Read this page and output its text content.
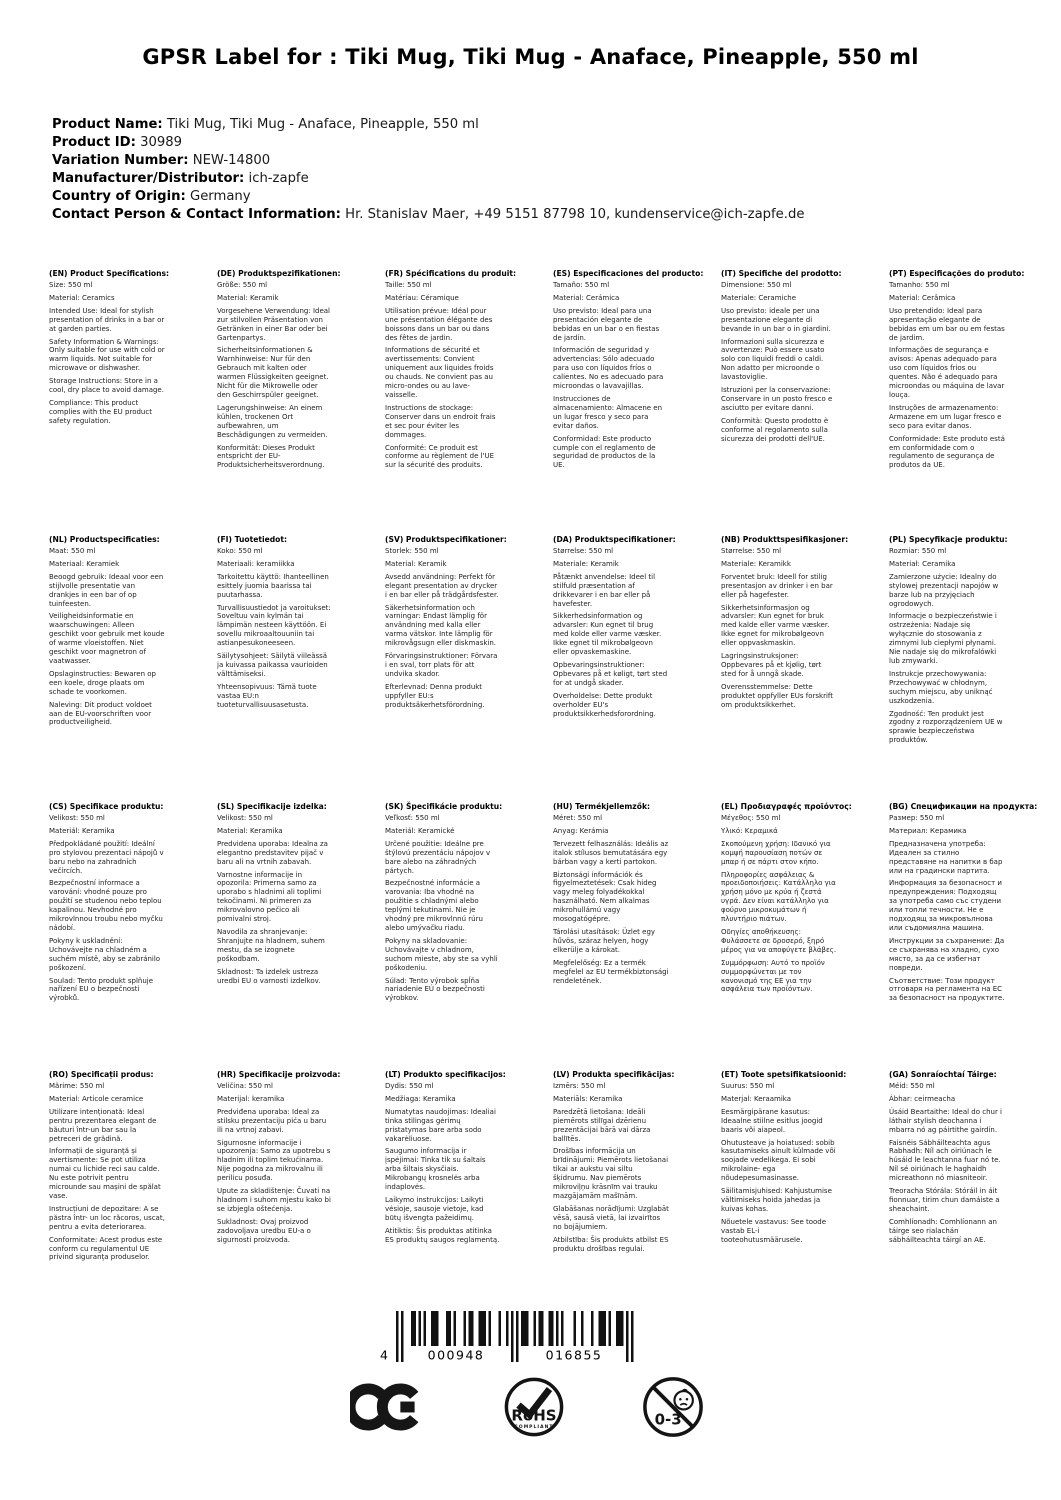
GPSR Label for : Tiki Mug, Tiki Mug - Anaface, Pineapple, 550 ml
Product Name: Tiki Mug, Tiki Mug - Anaface, Pineapple, 550 ml
Product ID: 30989
Variation Number: NEW-14800
Manufacturer/Distributor: ich-zapfe
Country of Origin: Germany
Contact Person & Contact Information: Hr. Stanislav Maer, +49 5151 87798 10, kundenservice@ich-zapfe.de
(EN) Product Specifications:

Size: 550 ml

Material: Ceramics

Intended Use: Ideal for stylish presentation of drinks in a bar or at garden parties.

Safety Information & Warnings: Only suitable for use with cold or warm liquids. Not suitable for microwave or dishwasher.

Storage Instructions: Store in a cool, dry place to avoid damage.

Compliance: This product complies with the EU product safety regulation.

(DE) Produktspezifikationen:

Größe: 550 ml

Material: Keramik

Vorgesehene Verwendung: Ideal zur stilvollen Präsentation von Getränken in einer Bar oder bei Gartenpartys.

Sicherheitsinformationen & Warnhinweise: Nur für den Gebrauch mit kalten oder warmen Flüssigkeiten geeignet. Nicht für die Mikrowelle oder den Geschirrspüler geeignet.

Lagerungshinweise: An einem kühlen, trockenen Ort aufbewahren, um Beschädigungen zu vermeiden.

Konformität: Dieses Produkt entspricht der EU-Produktsicherheitsverordnung.

(FR) Spécifications du produit:

Taille: 550 ml

Matériau: Céramique

Utilisation prévue: Idéal pour une présentation élégante des boissons dans un bar ou dans des fêtes de jardin.

Informations de sécurité et avertissements: Convient uniquement aux liquides froids ou chauds. Ne convient pas au micro-ondes ou au lave-vaisselle.

Instructions de stockage: Conserver dans un endroit frais et sec pour éviter les dommages.

Conformité: Ce produit est conforme au règlement de l'UE sur la sécurité des produits.

(ES) Especificaciones del producto:

Tamaño: 550 ml

Material: Cerámica

Uso previsto: Ideal para una presentación elegante de bebidas en un bar o en fiestas de jardín.

Información de seguridad y advertencias: Sólo adecuado para uso con líquidos fríos o calientes. No es adecuado para microondas o lavavajillas.

Instrucciones de almacenamiento: Almacene en un lugar fresco y seco para evitar daños.

Conformidad: Este producto cumple con el reglamento de seguridad de productos de la UE.

(IT) Specifiche del prodotto:

Dimensione: 550 ml

Materiale: Ceramiche

Uso previsto: ideale per una presentazione elegante di bevande in un bar o in giardini.

Informazioni sulla sicurezza e avvertenze: Può essere usato solo con liquidi freddi o caldi. Non adatto per microonde o lavastoviglie.

Istruzioni per la conservazione: Conservare in un posto fresco e asciutto per evitare danni.

Conformità: Questo prodotto è conforme al regolamento sulla sicurezza dei prodotti dell'UE.

(PT) Especificações do produto:

Tamanho: 550 ml

Material: Cerâmica

Uso pretendido: Ideal para apresentação elegante de bebidas em um bar ou em festas de jardim.

Informações de segurança e avisos: Apenas adequado para uso com líquidos frios ou quentes. Não é adequado para microondas ou máquina de lavar louça.

Instruções de armazenamento: Armazene em um lugar fresco e seco para evitar danos.

Conformidade: Este produto está em conformidade com o regulamento de segurança de produtos da UE.

(NL) Productspecificaties:

Maat: 550 ml

Materiaal: Keramiek

Beoogd gebruik: Ideaal voor een stijlvolle presentatie van drankjes in een bar of op tuinfeesten.

Veiligheidsinformatie en waarschuwingen: Alleen geschikt voor gebruik met koude of warme vloeistoffen. Niet geschikt voor magnetron of vaatwasser.

Opslaginstructies: Bewaren op een koele, droge plaats om schade te voorkomen.

Naleving: Dit product voldoet aan de EU-voorschriften voor productveiligheid.

(FI) Tuotetiedot:

Koko: 550 ml

Materiaali: keramiikka

Tarkoitettu käyttö: Ihanteellinen esittely juomia baarissa tai puutarhassa.

Turvallisuustiedot ja varoitukset: Soveltuu vain kylmän tai lämpimän nesteen käyttöön. Ei sovellu mikroaaltouuniin tai astianpesukoneeseen.

Säilytysohjeet: Säilytä viileässä ja kuivassa paikassa vaurioiden välttämiseksi.

Yhteensopivuus: Tämä tuote vastaa EU:n tuoteturvallisuusasetusta.

(SV) Produktspecifikationer:

Storlek: 550 ml

Material: Keramik

Avsedd användning: Perfekt för elegant presentation av drycker i en bar eller på trädgårdsfester.

Säkerhetsinformation och varningar: Endast lämplig för användning med kalla eller varma vätskor. Inte lämplig för mikrovågsugn eller diskmaskin.

Förvaringsinstruktioner: Förvara i en sval, torr plats för att undvika skador.

Efterlevnad: Denna produkt uppfyller EU:s produktsäkerhetsförordning.

(DA) Produktspecifikationer:

Størrelse: 550 ml

Materiale: Keramik

Påtænkt anvendelse: Ideel til stilfuld præsentation af drikkevarer i en bar eller på havefester.

Sikkerhedsinformation og advarsler: Kun egnet til brug med kolde eller varme væsker. Ikke egnet til mikrobølgeovn eller opvaskemaskine.

Opbevaringsinstruktioner: Opbevares på et køligt, tørt sted for at undgå skader.

Overholdelse: Dette produkt overholder EU's produktsikkerhedsforordning.

(NB) Produkttspesifikasjoner:

Størrelse: 550 ml

Materiale: Keramikk

Forventet bruk: Ideell for stilig presentasjon av drinker i en bar eller på hagefester.

Sikkerhetsinformasjon og advarsler: Kun egnet for bruk med kalde eller varme væsker. Ikke egnet for mikrobølgeovn eller oppvaskmaskin.

Lagringsinstruksjoner: Oppbevares på et kjølig, tørt sted for å unngå skade.

Overensstemmelse: Dette produktet oppfyller EUs forskrift om produktsikkerhet.

(PL) Specyfikacje produktu:

Rozmiar: 550 ml

Materiał: Ceramika

Zamierzone użycie: Idealny do stylowej prezentacji napojów w barze lub na przyjęciach ogrodowych.

Informacje o bezpieczeństwie i ostrzeżenia: Nadaje się wyłącznie do stosowania z zimnymi lub ciepłymi płynami. Nie nadaje się do mikrofalówki lub zmywarki.

Instrukcje przechowywania: Przechowywać w chłodnym, suchym miejscu, aby uniknąć uszkodzenia.

Zgodność: Ten produkt jest zgodny z rozporządzeniem UE w sprawie bezpieczeństwa produktów.

(CS) Specifikace produktu:

Velikost: 550 ml

Materiál: Keramika

Předpokládané použití: Ideální pro stylovou prezentaci nápojů v baru nebo na zahradních večírcích.

Bezpečnostní informace a varování: vhodné pouze pro použití se studenou nebo teplou kapalinou. Nevhodné pro mikrovlnnou troubu nebo myčku nádobí.

Pokyny k uskladnění: Uchovávejte na chladném a suchém místě, aby se zabránilo poškození.

Soulad: Tento produkt splňuje nařízení EU o bezpečnosti výrobků.

(SL) Specifikacije izdelka:

Velikost: 550 ml

Material: Keramika

Predvidena uporaba: Idealna za elegantno predstavitev pijač v baru ali na vrtnih zabavah.

Varnostne informacije in opozorila: Primerna samo za uporabo s hladnimi ali toplimi tekočinami. Ni primeren za mikrovalovno pečico ali pomivalni stroj.

Navodila za shranjevanje: Shranjujte na hladnem, suhem mestu, da se izognete poškodbam.

Skladnost: Ta izdelek ustreza uredbi EU o varnosti izdelkov.

(SK) Špecifikácie produktu:

Veľkosť: 550 ml

Materiál: Keramické

Určené použitie: Ideálne pre štýlovú prezentáciu nápojov v bare alebo na záhradných pártych.

Bezpečnostné informácie a varovania: Iba vhodné na použitie s chladnými alebo teplými tekutinami. Nie je vhodný pre mikrovlnnú rúru alebo umývačku riadu.

Pokyny na skladovanie: Uchovávajte v chladnom, suchom mieste, aby ste sa vyhli poškodeniu.

Súlad: Tento výrobok spĺňa nariadenie EÚ o bezpečnosti výrobkov.

(HU) Termékjellemzők:

Méret: 550 ml

Anyag: Kerámia

Tervezett felhasználás: Ideális az italok stílusos bemutatására egy bárban vagy a kerti partokon.

Biztonsági információk és figyelmeztetések: Csak hideg vagy meleg folyadékokkal használható. Nem alkalmas mikrohullámú vagy mosogatógépre.

Tárolási utasítások: Üzlet egy hűvös, száraz helyen, hogy elkerülje a károkat.

Megfelelőség: Ez a termék megfelel az EU termékbiztonsági rendeletének.

(EL) Προδιαγραφές προϊόντος:

Μέγεθος: 550 ml

Υλικό: Κεραμικά

Σκοπούμενη χρήση: Ιδανικό για κομψή παρουσίαση ποτών σε μπαρ ή σε πάρτι στον κήπο.

Πληροφορίες ασφάλειας & προειδοποιήσεις: Κατάλληλο για χρήση μόνο με κρύα ή ζεστά υγρά. Δεν είναι κατάλληλο για φούρνο μικροκυμάτων ή πλυντήριο πιάτων.

Οδηγίες αποθήκευσης: Φυλάσσετε σε δροσερό, ξηρό μέρος για να αποφύγετε βλάβες.

Συμμόρφωση: Αυτό το προϊόν συμμορφώνεται με τον κανονισμό της ΕΕ για την ασφάλεια των προϊόντων.

(BG) Спецификации на продукта:

Размер: 550 ml

Материал: Керамика

Предназначена употреба: Идеален за стилно представяне на напитки в бар или на градински партита.

Информация за безопасност и предупреждения: Подходящ за употреба само със студени или топли течности. Не е подходящ за микровълнова или съдомиялна машина.

Инструкции за съхранение: Да се съхранява на хладно, сухо място, за да се избегнат повреди.

Съответствие: Този продукт отговаря на регламента на ЕС за безопасност на продуктите.

(RO) Specificații produs:

Mărime: 550 ml

Material: Articole ceramice

Utilizare intenționată: Ideal pentru prezentarea elegant de băuturi într-un bar sau la petreceri de grădină.

Informații de siguranță și avertismente: Se pot utiliza numai cu lichide reci sau calde. Nu este potrivit pentru microunde sau mașini de spălat vase.

Instrucțiuni de depozitare: A se păstra într- un loc răcoros, uscat, pentru a evita deteriorarea.

Conformitate: Acest produs este conform cu regulamentul UE privind siguranța produselor.

(HR) Specifikacije proizvoda:

Veličina: 550 ml

Materijal: keramika

Predviđena uporaba: Ideal za stilsku prezentaciju pića u baru ili na vrtnoj zabavi.

Sigurnosne informacije i upozorenja: Samo za upotrebu s hladnim ili toplim tekućinama. Nije pogodna za mikrovalnu ili perilicu posuđa.

Upute za skladištenje: Čuvati na hladnom i suhom mjestu kako bi se izbjegla oštećenja.

Sukladnost: Ovaj proizvod zadovoljava uredbu EU-a o sigurnosti proizvoda.

(LT) Produkto specifikacijos:

Dydis: 550 ml

Medžiaga: Keramika

Numatytas naudojimas: Idealiai tinka stilingas gėrimų pristatymas bare arba sodo vakarėliuose.

Saugumo informacija ir įspėjimai: Tinka tik su šaltais arba šiltais skysčiais. Mikrobangų krosnelės arba indaplovės.

Laikymo instrukcijos: Laikyti vėsioje, sausoje vietoje, kad būtų išvengta pažeidimų.

Atitiktis: Šis produktas atitinka ES produktų saugos reglamentą.

(LV) Produkta specifikācijas:

Izmērs: 550 ml

Materiāls: Keramika

Paredzētā lietošana: Ideāli piemērots stilīgai dzērienu prezentācijai bārā vai dārza ballītēs.

Drošības informācija un brīdinājumi: Piemērots lietošanai tikai ar aukstu vai siltu šķidrumu. Nav piemērots mikroviļņu krāsnīm vai trauku mazgājamām mašīnām.

Glabāšanas norādījumi: Uzglabāt vēsā, sausā vietā, lai izvairītos no bojājumiem.

Atbilstība: Šis produkts atbilst ES produktu drošības regulai.

(ET) Toote spetsifikatsioonid:

Suurus: 550 ml

Materjal: Keraamika

Eesmärgipärane kasutus: Ideaalne stiilne esitlus joogid baaris või aiapeol.

Ohutusteave ja hoiatused: sobib kasutamiseks ainult külmade või soojade vedelikega. Ei sobi mikrolaine- ega nõudepesumasinasse.

Säilitamisjuhised: Kahjustumise vältimiseks hoida jahedas ja kuivas kohas.

Nõuetele vastavus: See toode vastab EL-i tooteohutusmäärusele.

(GA) Sonraíochtaí Táirge:

Méid: 550 ml

Ábhar: ceirmeacha

Úsáid Beartaithe: Ideal do chur i láthair stylish deochanna i mbarra nó ag páirtithe gairdín.

Faisnéis Sábháilteachta agus Rabhadh: Níl ach oiriúnach le húsáid le leachtanna fuar nó te. Níl sé oiriúnach le haghaidh micreathonn nó miasniteoir.

Treoracha Stórála: Stóráil in áit fionnuar, tirim chun damáiste a sheachaint.

Comhlíonadh: Comhlíonann an táirge seo rialachán sábháilteachta táirgí an AE.

4	000948	016855
RoHS
COMPLIANT	0-3
